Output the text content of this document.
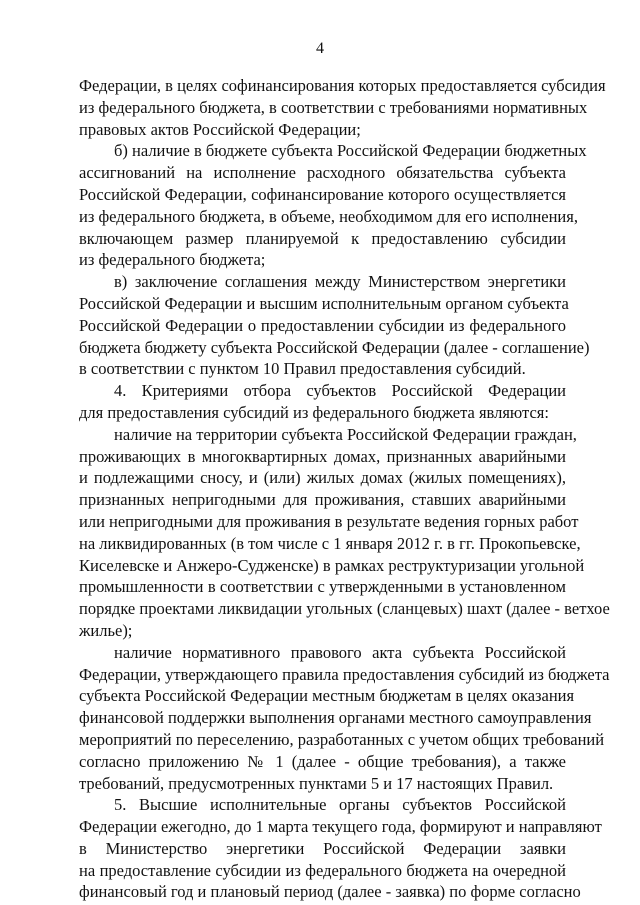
4
Федерации, в целях софинансирования которых предоставляется субсидия
из федерального бюджета, в соответствии с требованиями нормативных
правовых актов Российской Федерации;
б) наличие в бюджете субъекта Российской Федерации бюджетных
ассигнований на исполнение расходного обязательства субъекта
Российской Федерации, софинансирование которого осуществляется
из федерального бюджета, в объеме, необходимом для его исполнения,
включающем размер планируемой к предоставлению субсидии
из федерального бюджета;
в) заключение соглашения между Министерством энергетики
Российской Федерации и высшим исполнительным органом субъекта
Российской Федерации о предоставлении субсидии из федерального
бюджета бюджету субъекта Российской Федерации (далее - соглашение)
в соответствии с пунктом 10 Правил предоставления субсидий.
4. Критериями отбора субъектов Российской Федерации
для предоставления субсидий из федерального бюджета являются:
наличие на территории субъекта Российской Федерации граждан,
проживающих в многоквартирных домах, признанных аварийными
и подлежащими сносу, и (или) жилых домах (жилых помещениях),
признанных непригодными для проживания, ставших аварийными
или непригодными для проживания в результате ведения горных работ
на ликвидированных (в том числе с 1 января 2012 г. в гг. Прокопьевске,
Киселевске и Анжеро-Судженске) в рамках реструктуризации угольной
промышленности в соответствии с утвержденными в установленном
порядке проектами ликвидации угольных (сланцевых) шахт (далее - ветхое
жилье);
наличие нормативного правового акта субъекта Российской
Федерации, утверждающего правила предоставления субсидий из бюджета
субъекта Российской Федерации местным бюджетам в целях оказания
финансовой поддержки выполнения органами местного самоуправления
мероприятий по переселению, разработанных с учетом общих требований
согласно приложению № 1 (далее - общие требования), а также
требований, предусмотренных пунктами 5 и 17 настоящих Правил.
5. Высшие исполнительные органы субъектов Российской
Федерации ежегодно, до 1 марта текущего года, формируют и направляют
в Министерство энергетики Российской Федерации заявки
на предоставление субсидии из федерального бюджета на очередной
финансовый год и плановый период (далее - заявка) по форме согласно
